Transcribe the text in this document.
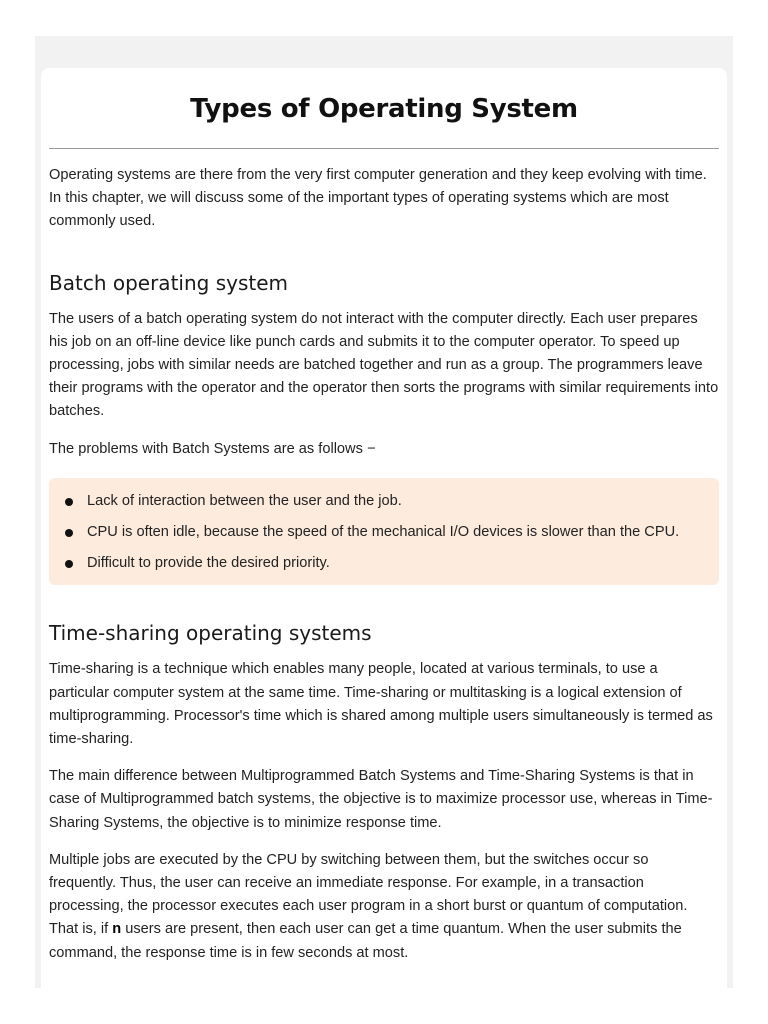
Types of Operating System

Operating systems are there from the very first computer generation and they keep evolving with time. In this chapter, we will discuss some of the important types of operating systems which are most commonly used.

Batch operating system

The users of a batch operating system do not interact with the computer directly. Each user prepares his job on an off-line device like punch cards and submits it to the computer operator. To speed up processing, jobs with similar needs are batched together and run as a group. The programmers leave their programs with the operator and the operator then sorts the programs with similar requirements into batches.

The problems with Batch Systems are as follows −

Lack of interaction between the user and the job.
CPU is often idle, because the speed of the mechanical I/O devices is slower than the CPU.
Difficult to provide the desired priority.
Time-sharing operating systems

Time-sharing is a technique which enables many people, located at various terminals, to use a particular computer system at the same time. Time-sharing or multitasking is a logical extension of multiprogramming. Processor's time which is shared among multiple users simultaneously is termed as time-sharing.

The main difference between Multiprogrammed Batch Systems and Time-Sharing Systems is that in case of Multiprogrammed batch systems, the objective is to maximize processor use, whereas in Time-Sharing Systems, the objective is to minimize response time.

Multiple jobs are executed by the CPU by switching between them, but the switches occur so frequently. Thus, the user can receive an immediate response. For example, in a transaction processing, the processor executes each user program in a short burst or quantum of computation. That is, if n users are present, then each user can get a time quantum. When the user submits the command, the response time is in few seconds at most.
